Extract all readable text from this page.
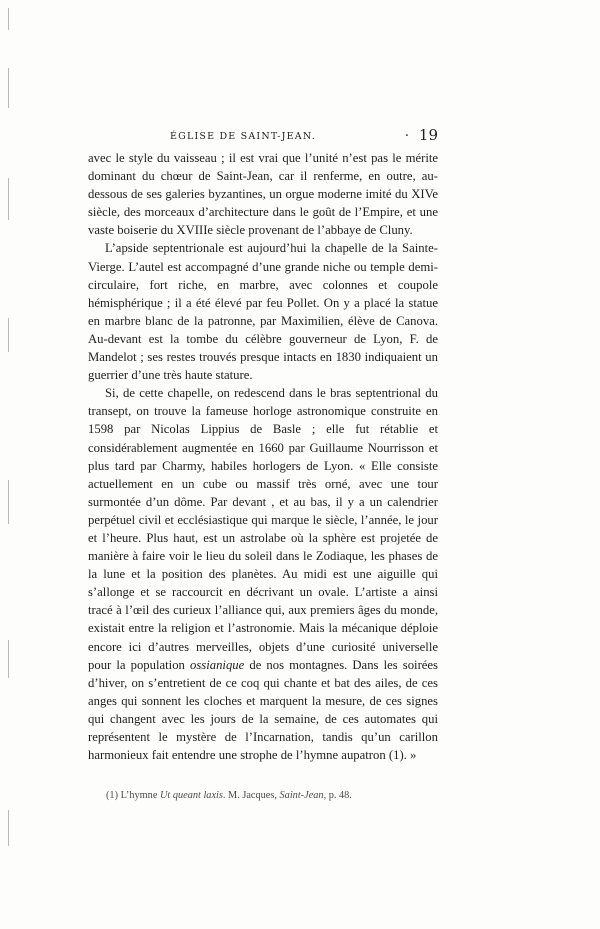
ÉGLISE DE SAINT-JEAN.
.	19

avec le style du vaisseau ; il est vrai que l’unité n’est pas le mérite dominant du chœur de Saint-Jean, car il renferme, en outre, au-dessous de ses galeries byzantines, un orgue moderne imité du XIVe siècle, des morceaux d’architecture dans le goût de l’Empire, et une vaste boiserie du XVIIIe siècle provenant de l’abbaye de Cluny.

L’apside septentrionale est aujourd’hui la chapelle de la Sainte-Vierge. L’autel est accompagné d’une grande niche ou temple demi-circulaire, fort riche, en marbre, avec colonnes et coupole hémisphérique ; il a été élevé par feu Pollet. On y a placé la statue en marbre blanc de la patronne, par Maximilien, élève de Canova. Au-devant est la tombe du célèbre gouverneur de Lyon, F. de Mandelot ; ses restes trouvés presque intacts en 1830 indiquaient un guerrier d’une très haute stature.

Si, de cette chapelle, on redescend dans le bras septentrional du transept, on trouve la fameuse horloge astronomique construite en 1598 par Nicolas Lippius de Basle ; elle fut rétablie et considérablement augmentée en 1660 par Guillaume Nourrisson et plus tard par Charmy, habiles horlogers de Lyon. « Elle consiste actuellement en un cube ou massif très orné, avec une tour surmontée d’un dôme. Par devant , et au bas, il y a un calendrier perpétuel civil et ecclésiastique qui marque le siècle, l’année, le jour et l’heure. Plus haut, est un astrolabe où la sphère est projetée de manière à faire voir le lieu du soleil dans le Zodiaque, les phases de la lune et la position des planètes. Au midi est une aiguille qui s’allonge et se raccourcit en décrivant un ovale. L’artiste a ainsi tracé à l’œil des curieux l’alliance qui, aux premiers âges du monde, existait entre la religion et l’astronomie. Mais la mécanique déploie encore ici d’autres merveilles, objets d’une curiosité universelle pour la population ossianique de nos montagnes. Dans les soirées d’hiver, on s’entretient de ce coq qui chante et bat des ailes, de ces anges qui sonnent les cloches et marquent la mesure, de ces signes qui changent avec les jours de la semaine, de ces automates qui représentent le mystère de l’Incarnation, tandis qu’un carillon harmonieux fait entendre une strophe de l’hymne aupatron (1). »

(1) L’hymne Ut queant laxis. M. Jacques, Saint-Jean, p. 48.
